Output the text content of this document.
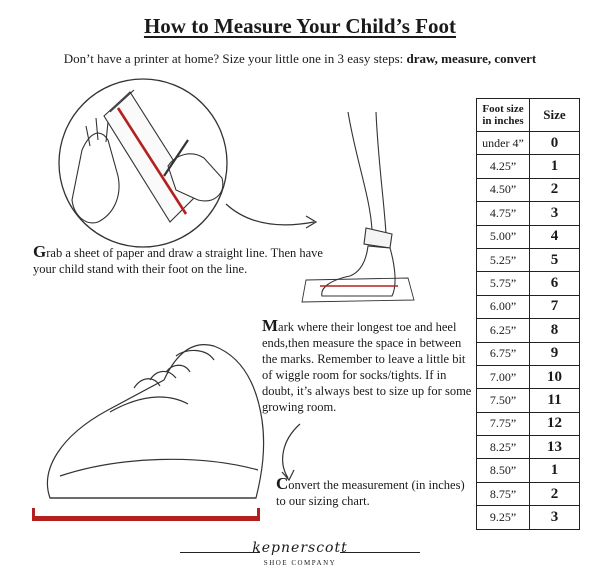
How to Measure Your Child’s Foot
Don’t have a printer at home? Size your little one in 3 easy steps: draw, measure, convert
Grab a sheet of paper and draw a straight line. Then have your child stand with their foot on the line.
Mark where their longest toe and heel ends,then measure the space in between the marks. Remember to leave a little bit of wiggle room for socks/tights. If in doubt, it’s always best to size up for some growing room.
Convert the measurement (in inches) to our sizing chart.
Foot size in inches	Size
under 4”	0
4.25”	1
4.50”	2
4.75”	3
5.00”	4
5.25”	5
5.75”	6
6.00”	7
6.25”	8
6.75”	9
7.00”	10
7.50”	11
7.75”	12
8.25”	13
8.50”	1
8.75”	2
9.25”	3
kepnerscott
SHOE COMPANY
